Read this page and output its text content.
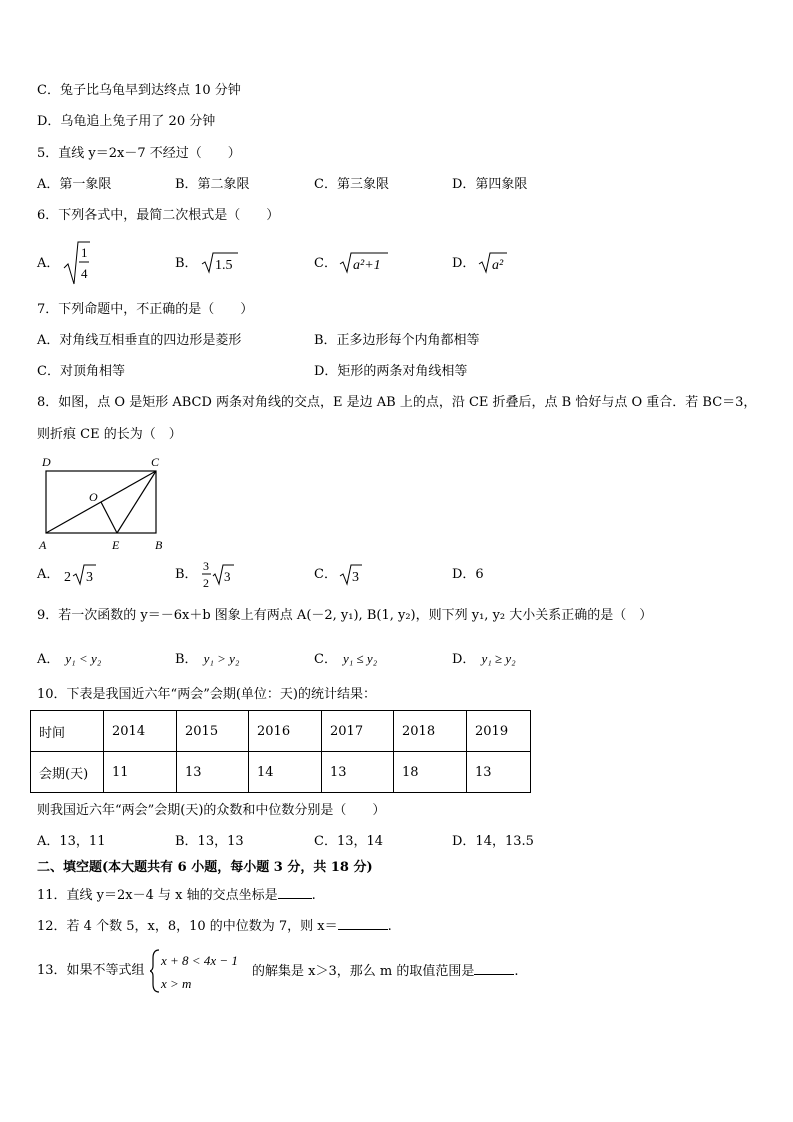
C．兔子比乌龟早到达终点 10 分钟
D．乌龟追上兔子用了 20 分钟
5．直线 y＝2x－7 不经过（　　）
A．第一象限	B．第二象限	C．第三象限	D．第四象限
6．下列各式中，最简二次根式是（　　）
A．
1
4
B． 1.5	C． a²+1	D． a²
7．下列命题中，不正确的是（　　）
A．对角线互相垂直的四边形是菱形	B．正多边形每个内角都相等
C．对顶角相等	D．矩形的两条对角线相等
8．如图，点 O 是矩形 ABCD 两条对角线的交点，E 是边 AB 上的点，沿 CE 折叠后，点 B 恰好与点 O 重合．若 BC＝3，
则折痕 CE 的长为（　）
D	C
O
A	E	B
A． 2 3	B．
3
2 3	C． 3	D．6
9．若一次函数的 y＝－6x＋b 图象上有两点 A(－2, y₁), B(1, y₂)，则下列 y₁, y₂ 大小关系正确的是（　）
A． y₁ < y₂	B． y₁ > y₂	C． y₁ ≤ y₂	D． y₁ ≥ y₂
10．下表是我国近六年“两会”会期(单位：天)的统计结果：
时间	2014	2015	2016	2017	2018	2019
会期(天)	11	13	14	13	18	13
则我国近六年“两会”会期(天)的众数和中位数分别是（　　）
A．13，11	B．13，13	C．13，14	D．14，13.5
二、填空题(本大题共有 6 小题，每小题 3 分，共 18 分)
11．直线 y＝2x－4 与 x 轴的交点坐标是	.
12．若 4 个数 5，x，8，10 的中位数为 7，则 x＝	.
13．如果不等式组
x + 8 < 4x − 1
x > m
的解集是 x＞3，那么 m 的取值范围是	.
